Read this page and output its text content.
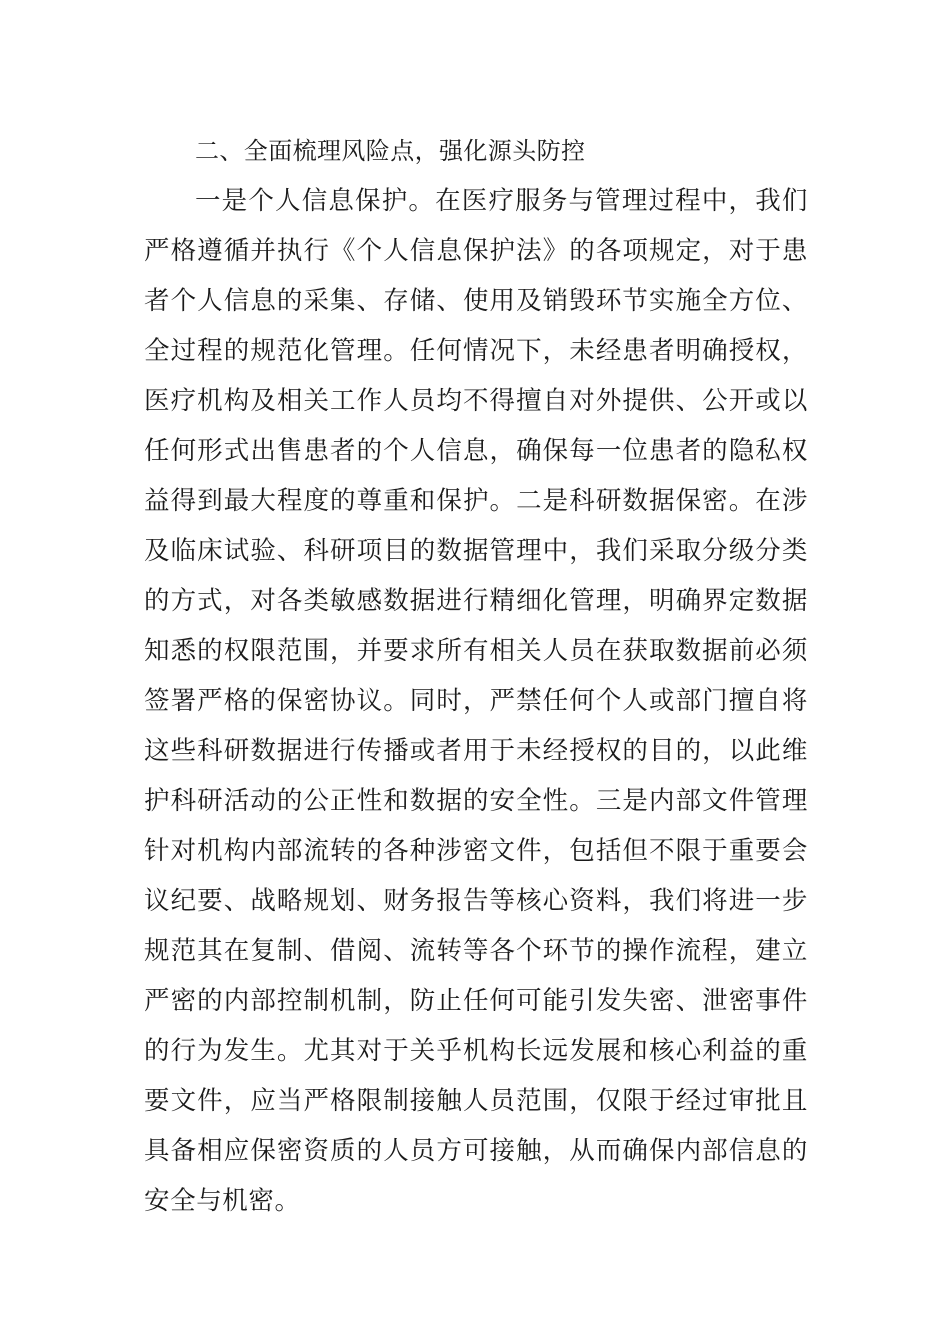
二、全面梳理风险点，强化源头防控
一是个人信息保护。在医疗服务与管理过程中，我们
严格遵循并执行《个人信息保护法》的各项规定，对于患
者个人信息的采集、存储、使用及销毁环节实施全方位、
全过程的规范化管理。任何情况下，未经患者明确授权，
医疗机构及相关工作人员均不得擅自对外提供、公开或以
任何形式出售患者的个人信息，确保每一位患者的隐私权
益得到最大程度的尊重和保护。二是科研数据保密。在涉
及临床试验、科研项目的数据管理中，我们采取分级分类
的方式，对各类敏感数据进行精细化管理，明确界定数据
知悉的权限范围，并要求所有相关人员在获取数据前必须
签署严格的保密协议。同时，严禁任何个人或部门擅自将
这些科研数据进行传播或者用于未经授权的目的，以此维
护科研活动的公正性和数据的安全性。三是内部文件管理
针对机构内部流转的各种涉密文件，包括但不限于重要会
议纪要、战略规划、财务报告等核心资料，我们将进一步
规范其在复制、借阅、流转等各个环节的操作流程，建立
严密的内部控制机制，防止任何可能引发失密、泄密事件
的行为发生。尤其对于关乎机构长远发展和核心利益的重
要文件，应当严格限制接触人员范围，仅限于经过审批且
具备相应保密资质的人员方可接触，从而确保内部信息的
安全与机密。
